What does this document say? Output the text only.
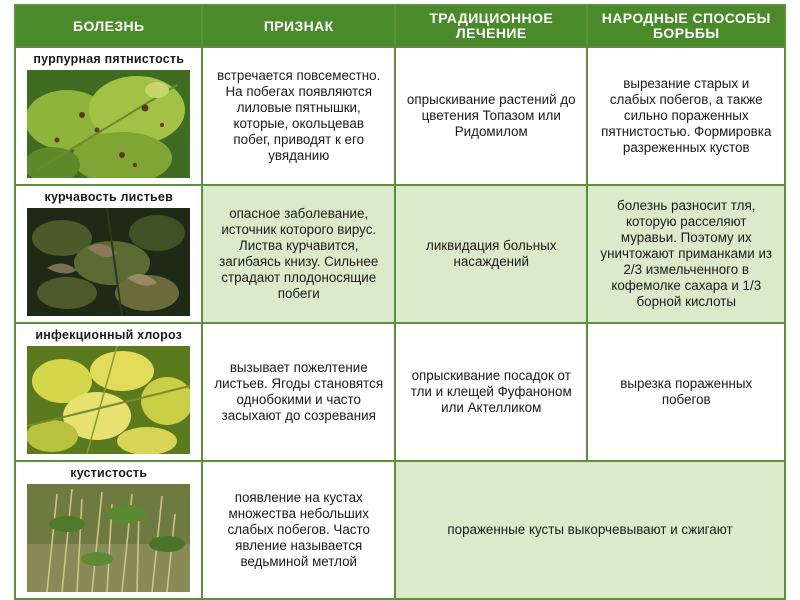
БОЛЕЗНЬ	ПРИЗНАК	ТРАДИЦИОННОЕ ЛЕЧЕНИЕ	НАРОДНЫЕ СПОСОБЫ БОРЬБЫ

пурпурная пятнистость	встречается повсеместно. На побегах появляются лиловые пятнышки, которые, окольцевав побег, приводят к его увяданию	опрыскивание растений до цветения Топазом или Ридомилом	вырезание старых и слабых побегов, а также сильно пораженных пятнистостью. Формировка разреженных кустов

курчавость листьев	опасное заболевание, источник которого вирус. Листва курчавится, загибаясь книзу. Сильнее страдают плодоносящие побеги	ликвидация больных насаждений	болезнь разносит тля, которую расселяют муравьи. Поэтому их уничтожают приманками из 2/3 измельченного в кофемолке сахара и 1/3 борной кислоты

инфекционный хлороз	вызывает пожелтение листьев. Ягоды становятся однобокими и часто засыхают до созревания	опрыскивание посадок от тли и клещей Фуфаноном или Актелликом	вырезка пораженных побегов

кустистость	появление на кустах множества небольших слабых побегов. Часто явление называется ведьминой метлой	пораженные кусты выкорчевывают и сжигают	
